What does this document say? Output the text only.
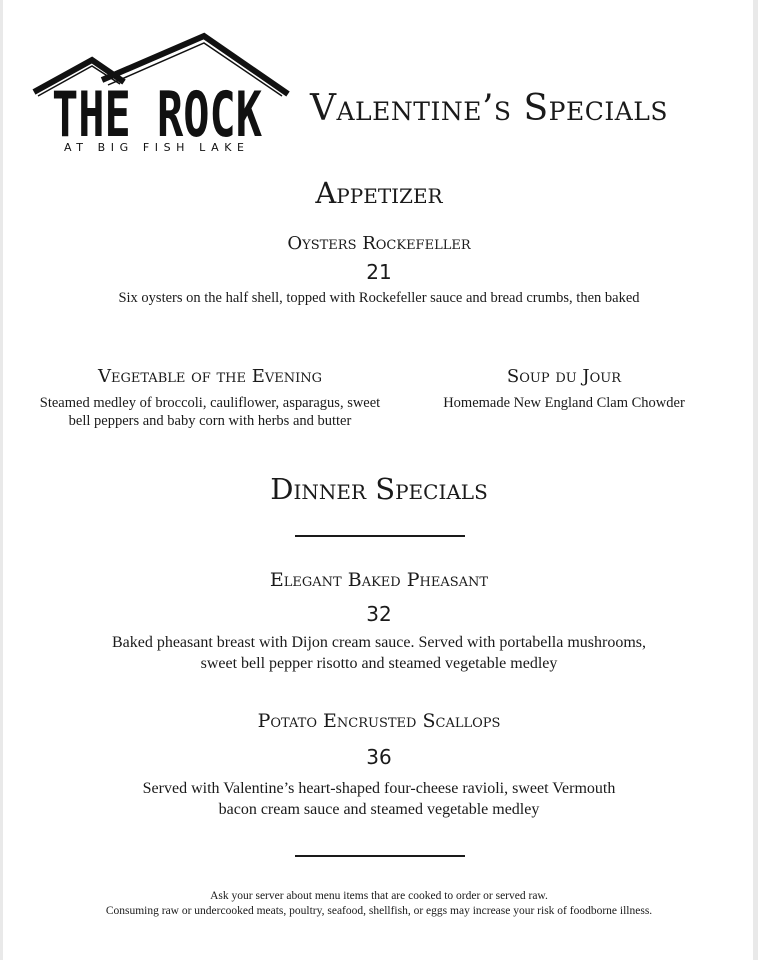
THE ROCK
AT BIG FISH LAKE
Valentine’s Specials
Appetizer
Oysters Rockefeller
21
Six oysters on the half shell, topped with Rockefeller sauce and bread crumbs, then baked
Vegetable of the Evening
Steamed medley of broccoli, cauliflower, asparagus, sweet
bell peppers and baby corn with herbs and butter
Soup du Jour
Homemade New England Clam Chowder
Dinner Specials
Elegant Baked Pheasant
32
Baked pheasant breast with Dijon cream sauce. Served with portabella mushrooms,
sweet bell pepper risotto and steamed vegetable medley
Potato Encrusted Scallops
36
Served with Valentine’s heart-shaped four-cheese ravioli, sweet Vermouth
bacon cream sauce and steamed vegetable medley
Ask your server about menu items that are cooked to order or served raw.
Consuming raw or undercooked meats, poultry, seafood, shellfish, or eggs may increase your risk of foodborne illness.
